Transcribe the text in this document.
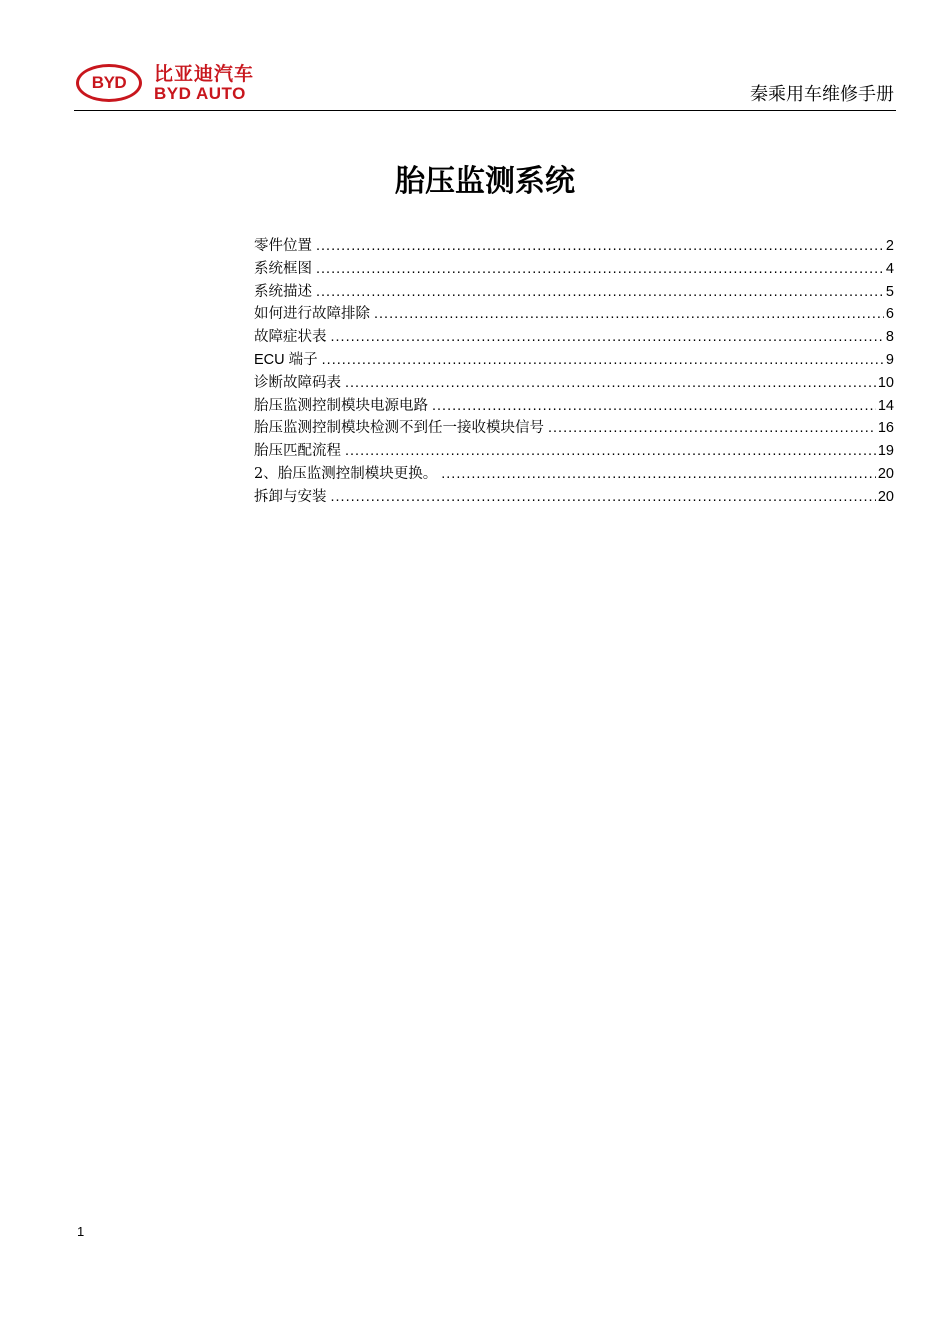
BYD	比亚迪汽车
BYD AUTO	秦乘用车维修手册
胎压监测系统
零件位置 .....	2
系统框图 .....	4
系统描述 .....	5
如何进行故障排除 .....	6
故障症状表 .....	8
ECU 端子 .....	9
诊断故障码表 .....	10
胎压监测控制模块电源电路 .....	14
胎压监测控制模块检测不到任一接收模块信号 .....	16
胎压匹配流程 .....	19
2、胎压监测控制模块更换。 .....	20
拆卸与安装 .....	20
1
